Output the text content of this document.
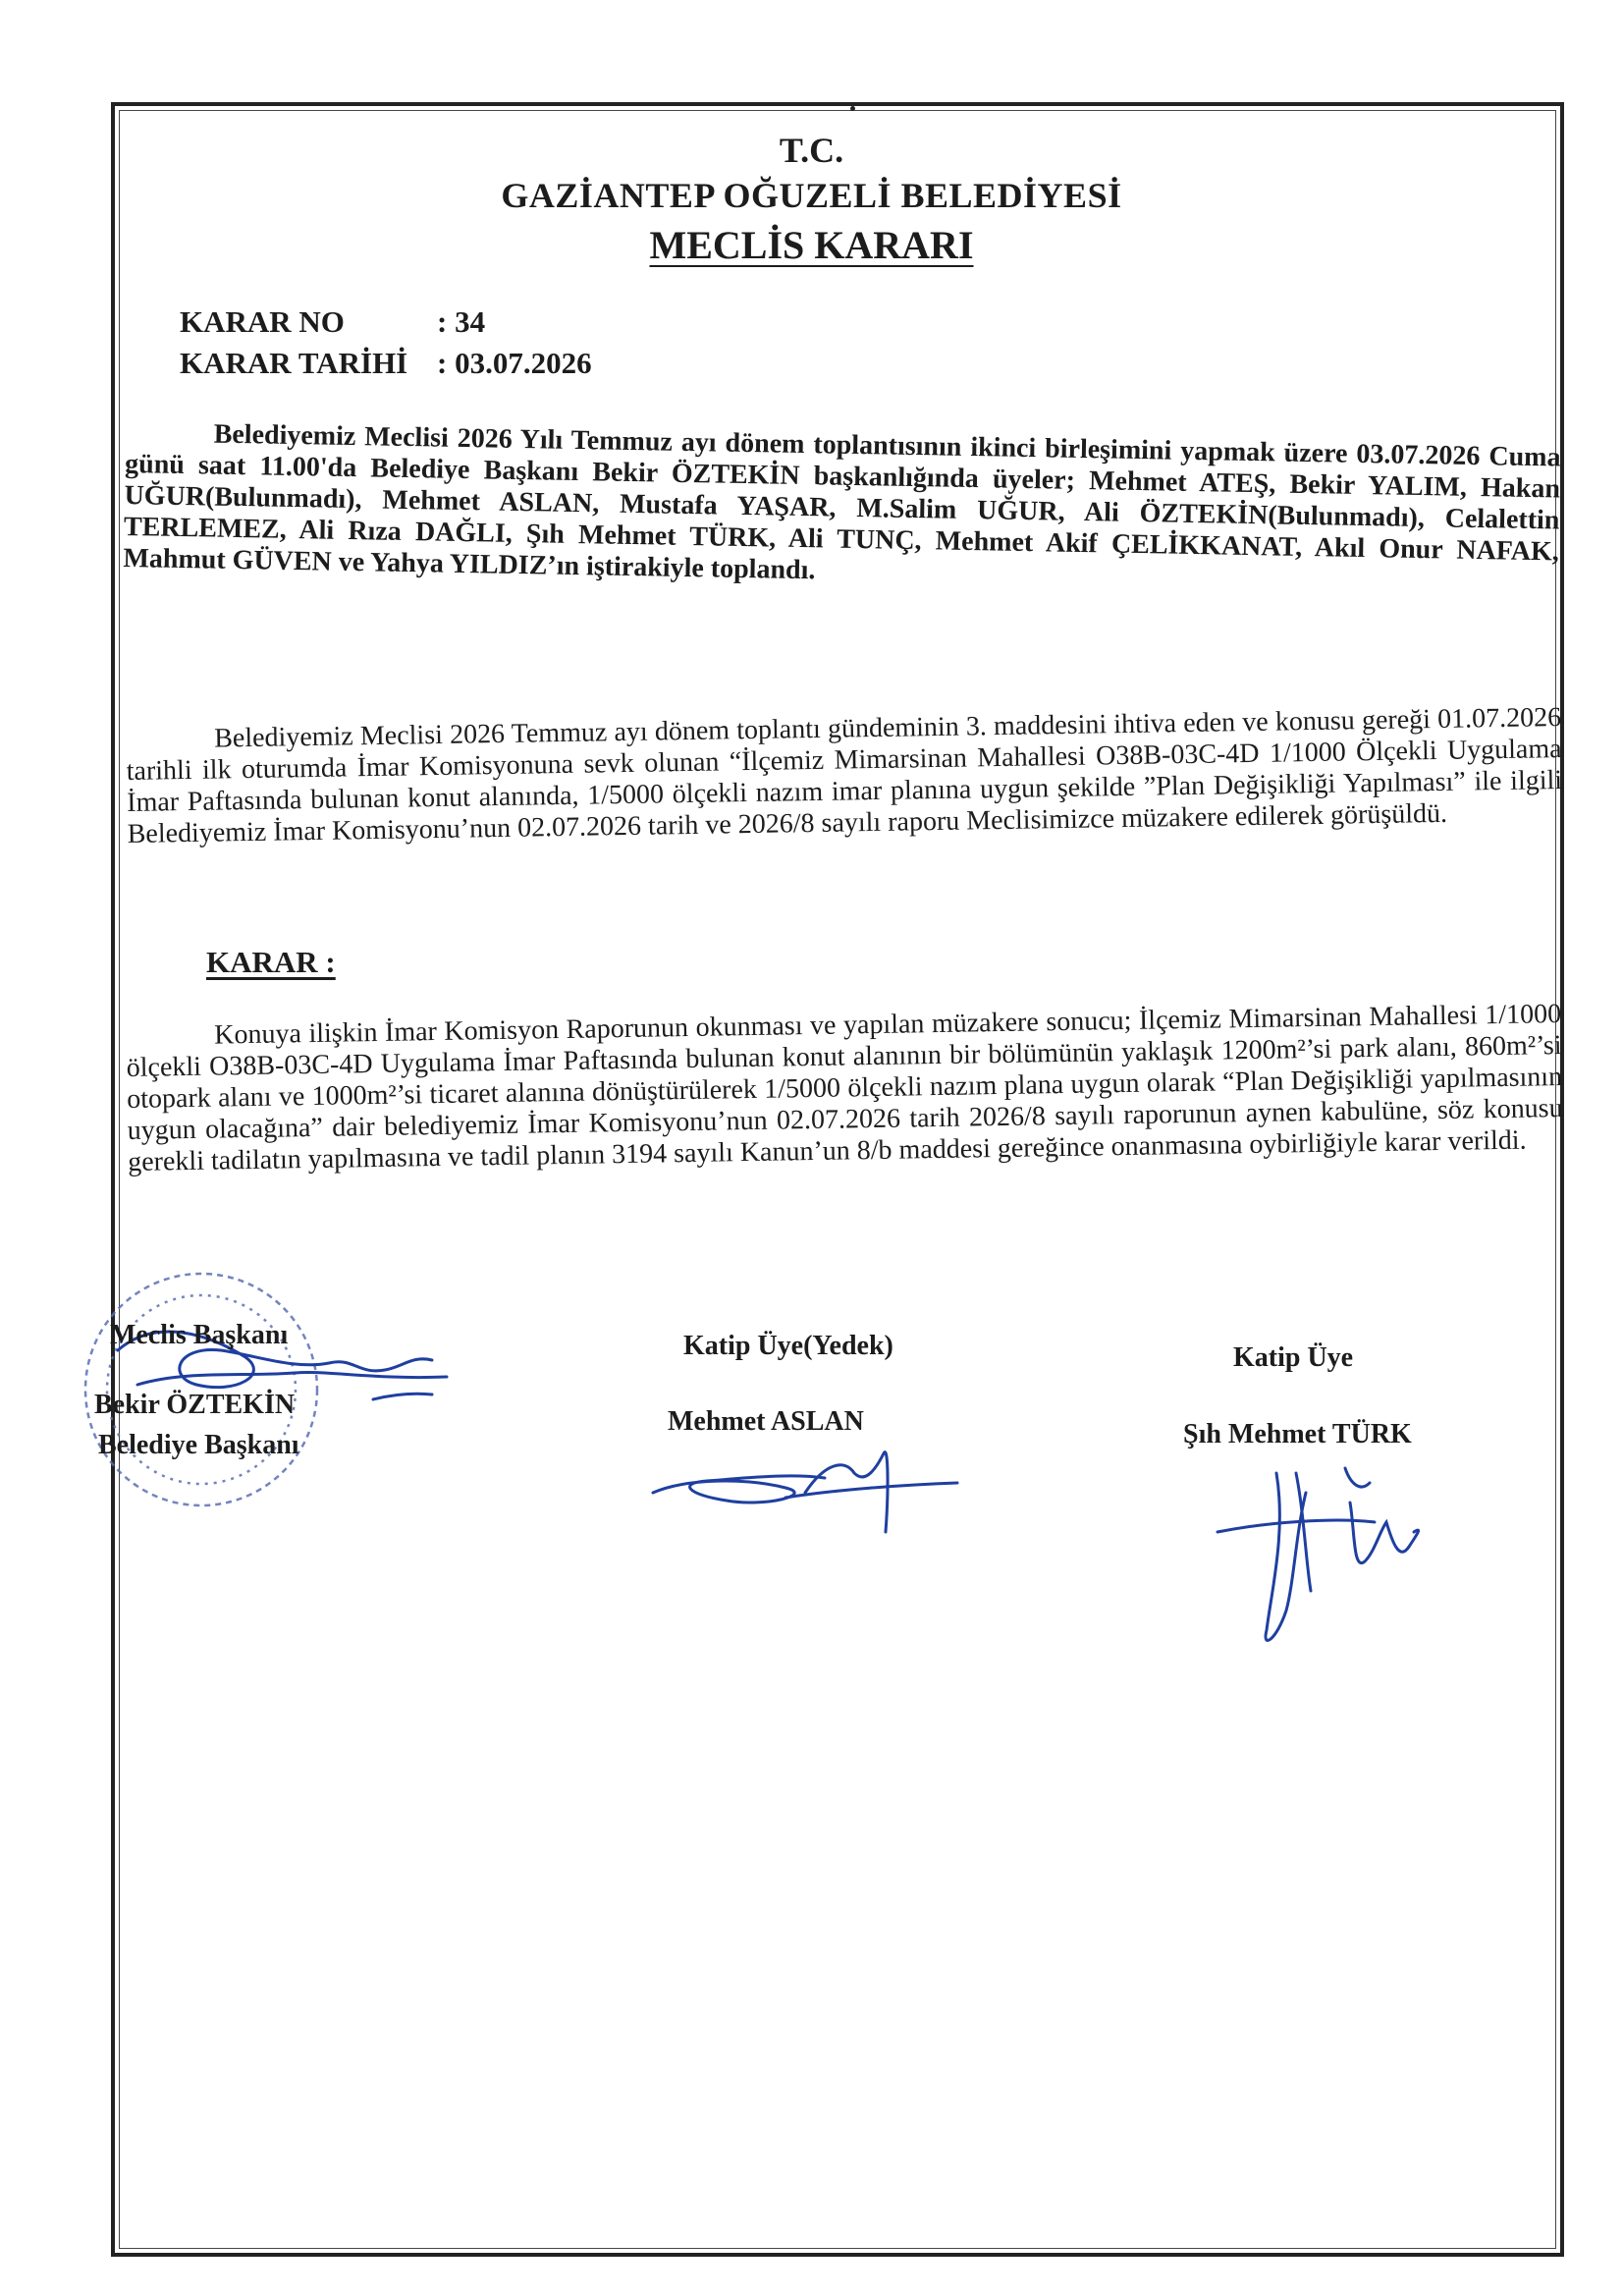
T.C.
GAZİANTEP OĞUZELİ BELEDİYESİ
MECLİS KARARI
KARAR NO	: 34
KARAR TARİHİ : 03.07.2026
Belediyemiz Meclisi 2026 Yılı Temmuz ayı dönem toplantısının ikinci birleşimini yapmak üzere 03.07.2026 Cuma günü saat 11.00'da Belediye Başkanı Bekir ÖZTEKİN başkanlığında üyeler; Mehmet ATEŞ, Bekir YALIM, Hakan UĞUR(Bulunmadı), Mehmet ASLAN, Mustafa YAŞAR, M.Salim UĞUR, Ali ÖZTEKİN(Bulunmadı), Celalettin TERLEMEZ, Ali Rıza DAĞLI, Şıh Mehmet TÜRK, Ali TUNÇ, Mehmet Akif ÇELİKKANAT, Akıl Onur NAFAK, Mahmut GÜVEN ve Yahya YILDIZ’ın iştirakiyle toplandı.
Belediyemiz Meclisi 2026 Temmuz ayı dönem toplantı gündeminin 3. maddesini ihtiva eden ve konusu gereği 01.07.2026 tarihli ilk oturumda İmar Komisyonuna sevk olunan “İlçemiz Mimarsinan Mahallesi O38B-03C-4D 1/1000 Ölçekli Uygulama İmar Paftasında bulunan konut alanında, 1/5000 ölçekli nazım imar planına uygun şekilde ”Plan Değişikliği Yapılması” ile ilgili Belediyemiz İmar Komisyonu’nun 02.07.2026 tarih ve 2026/8 sayılı raporu Meclisimizce müzakere edilerek görüşüldü.
KARAR :
Konuya ilişkin İmar Komisyon Raporunun okunması ve yapılan müzakere sonucu; İlçemiz Mimarsinan Mahallesi 1/1000 ölçekli O38B-03C-4D Uygulama İmar Paftasında bulunan konut alanının bir bölümünün yaklaşık 1200m²’si park alanı, 860m²’si otopark alanı ve 1000m²’si ticaret alanına dönüştürülerek 1/5000 ölçekli nazım plana uygun olarak “Plan Değişikliği yapılmasının uygun olacağına” dair belediyemiz İmar Komisyonu’nun 02.07.2026 tarih 2026/8 sayılı raporunun aynen kabulüne, söz konusu gerekli tadilatın yapılmasına ve tadil planın 3194 sayılı Kanun’un 8/b maddesi gereğince onanmasına oybirliğiyle karar verildi.
Meclis Başkanı
Bekir ÖZTEKİN
Belediye Başkanı
Katip Üye(Yedek)
Mehmet ASLAN
Katip Üye
Şıh Mehmet TÜRK
